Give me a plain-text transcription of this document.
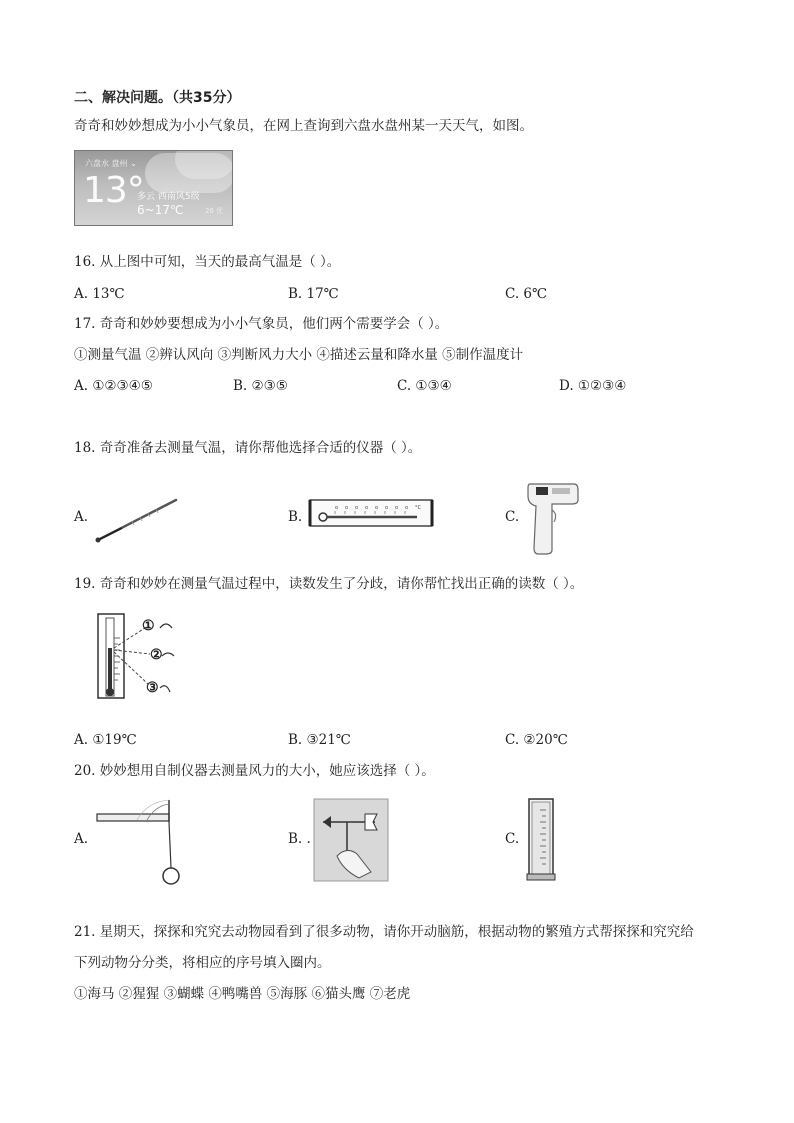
二、解决问题。（共35分）
奇奇和妙妙想成为小小气象员，在网上查询到六盘水盘州某一天天气，如图。
六盘水 盘州 ⌄
13°
多云 西南风5级
6~17℃	26 优
16. 从上图中可知，当天的最高气温是（ ）。
A. 13℃	B. 17℃	C. 6℃
17. 奇奇和妙妙要想成为小小气象员，他们两个需要学会（ ）。
①测量气温 ②辨认风向 ③判断风力大小 ④描述云量和降水量 ⑤制作温度计
A. ①②③④⑤	B. ②③⑤	C. ①③④	D. ①②③④
18. 奇奇准备去测量气温，请你帮他选择合适的仪器（ ）。
A.	B.
o o o o o o o o °C
C.
19. 奇奇和妙妙在测量气温过程中，读数发生了分歧，请你帮忙找出正确的读数（ ）。
①
②
③
A. ①19℃	B. ③21℃	C. ②20℃
20. 妙妙想用自制仪器去测量风力的大小，她应该选择（ ）。
A.	B. .	C.
21. 星期天，探探和究究去动物园看到了很多动物，请你开动脑筋，根据动物的繁殖方式帮探探和究究给
下列动物分分类，将相应的序号填入圈内。
①海马 ②猩猩 ③蝴蝶 ④鸭嘴兽 ⑤海豚 ⑥猫头鹰 ⑦老虎
